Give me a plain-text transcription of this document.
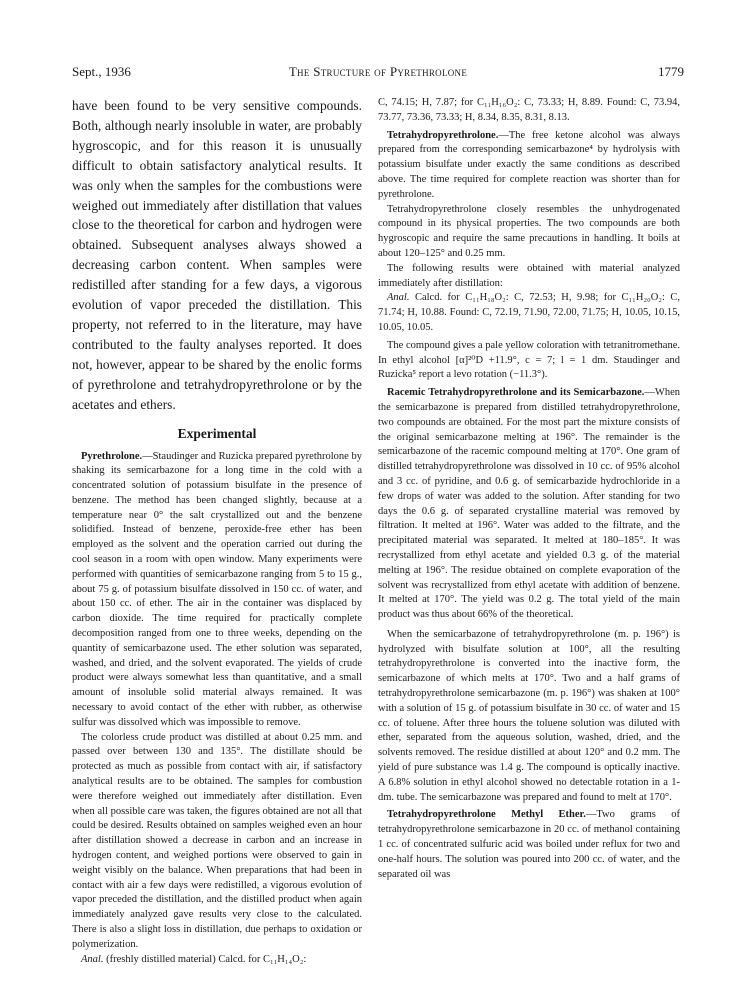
Sept., 1936	The Structure of Pyrethrolone	1779

have been found to be very sensitive compounds. Both, although nearly insoluble in water, are probably hygroscopic, and for this reason it is unusually difficult to obtain satisfactory analytical results. It was only when the samples for the combustions were weighed out immediately after distillation that values close to the theoretical for carbon and hydrogen were obtained. Subsequent analyses always showed a decreasing carbon content. When samples were redistilled after standing for a few days, a vigorous evolution of vapor preceded the distillation. This property, not referred to in the literature, may have contributed to the faulty analyses reported. It does not, however, appear to be shared by the enolic forms of pyrethrolone and tetrahydropyrethrolone or by the acetates and ethers.

Experimental

Pyrethrolone.—Staudinger and Ruzicka prepared pyrethrolone by shaking its semicarbazone for a long time in the cold with a concentrated solution of potassium bisulfate in the presence of benzene. The method has been changed slightly, because at a temperature near 0° the salt crystallized out and the benzene solidified. Instead of benzene, peroxide-free ether has been employed as the solvent and the operation carried out during the cool season in a room with open window. Many experiments were performed with quantities of semicarbazone ranging from 5 to 15 g., about 75 g. of potassium bisulfate dissolved in 150 cc. of water, and about 150 cc. of ether. The air in the container was displaced by carbon dioxide. The time required for practically complete decomposition ranged from one to three weeks, depending on the quantity of semicarbazone used. The ether solution was separated, washed, and dried, and the solvent evaporated. The yields of crude product were always somewhat less than quantitative, and a small amount of insoluble solid material always remained. It was necessary to avoid contact of the ether with rubber, as otherwise sulfur was dissolved which was impossible to remove.

The colorless crude product was distilled at about 0.25 mm. and passed over between 130 and 135°. The distillate should be protected as much as possible from contact with air, if satisfactory analytical results are to be obtained. The samples for combustion were therefore weighed out immediately after distillation. Even when all possible care was taken, the figures obtained are not all that could be desired. Results obtained on samples weighed even an hour after distillation showed a decrease in carbon and an increase in hydrogen content, and weighed portions were observed to gain in weight visibly on the balance. When preparations that had been in contact with air a few days were redistilled, a vigorous evolution of vapor preceded the distillation, and the distilled product when again immediately analyzed gave results very close to the calculated. There is also a slight loss in distillation, due perhaps to oxidation or polymerization.

Anal. (freshly distilled material) Calcd. for C₁₁H₁₄O₂:

C, 74.15; H, 7.87; for C₁₁H₁₆O₂: C, 73.33; H, 8.89. Found: C, 73.94, 73.77, 73.36, 73.33; H, 8.34, 8.35, 8.31, 8.13.

Tetrahydropyrethrolone.—The free ketone alcohol was always prepared from the corresponding semicarbazone⁴ by hydrolysis with potassium bisulfate under exactly the same conditions as described above. The time required for complete reaction was shorter than for pyrethrolone.

Tetrahydropyrethrolone closely resembles the unhydrogenated compound in its physical properties. The two compounds are both hygroscopic and require the same precautions in handling. It boils at about 120–125° and 0.25 mm.

The following results were obtained with material analyzed immediately after distillation:

Anal. Calcd. for C₁₁H₁₈O₂: C, 72.53; H, 9.98; for C₁₁H₂₀O₂: C, 71.74; H, 10.88. Found: C, 72.19, 71.90, 72.00, 71.75; H, 10.05, 10.15, 10.05, 10.05.

The compound gives a pale yellow coloration with tetranitromethane. In ethyl alcohol [α]²⁰D +11.9°, c = 7; l = 1 dm. Staudinger and Ruzicka⁵ report a levo rotation (−11.3°).

Racemic Tetrahydropyrethrolone and its Semicarbazone.—When the semicarbazone is prepared from distilled tetrahydropyrethrolone, two compounds are obtained. For the most part the mixture consists of the original semicarbazone melting at 196°. The remainder is the semicarbazone of the racemic compound melting at 170°. One gram of distilled tetrahydropyrethrolone was dissolved in 10 cc. of 95% alcohol and 3 cc. of pyridine, and 0.6 g. of semicarbazide hydrochloride in a few drops of water was added to the solution. After standing for two days the 0.6 g. of separated crystalline material was removed by filtration. It melted at 196°. Water was added to the filtrate, and the precipitated material was separated. It melted at 180–185°. It was recrystallized from ethyl acetate and yielded 0.3 g. of the material melting at 196°. The residue obtained on complete evaporation of the solvent was recrystallized from ethyl acetate with addition of benzene. It melted at 170°. The yield was 0.2 g. The total yield of the main product was thus about 66% of the theoretical.

When the semicarbazone of tetrahydropyrethrolone (m. p. 196°) is hydrolyzed with bisulfate solution at 100°, all the resulting tetrahydropyrethrolone is converted into the inactive form, the semicarbazone of which melts at 170°. Two and a half grams of tetrahydropyrethrolone semicarbazone (m. p. 196°) was shaken at 100° with a solution of 15 g. of potassium bisulfate in 30 cc. of water and 15 cc. of toluene. After three hours the toluene solution was diluted with ether, separated from the aqueous solution, washed, dried, and the solvents removed. The residue distilled at about 120° and 0.2 mm. The yield of pure substance was 1.4 g. The compound is optically inactive. A 6.8% solution in ethyl alcohol showed no detectable rotation in a 1-dm. tube. The semicarbazone was prepared and found to melt at 170°.

Tetrahydropyrethrolone Methyl Ether.—Two grams of tetrahydropyrethrolone semicarbazone in 20 cc. of methanol containing 1 cc. of concentrated sulfuric acid was boiled under reflux for two and one-half hours. The solution was poured into 200 cc. of water, and the separated oil was
